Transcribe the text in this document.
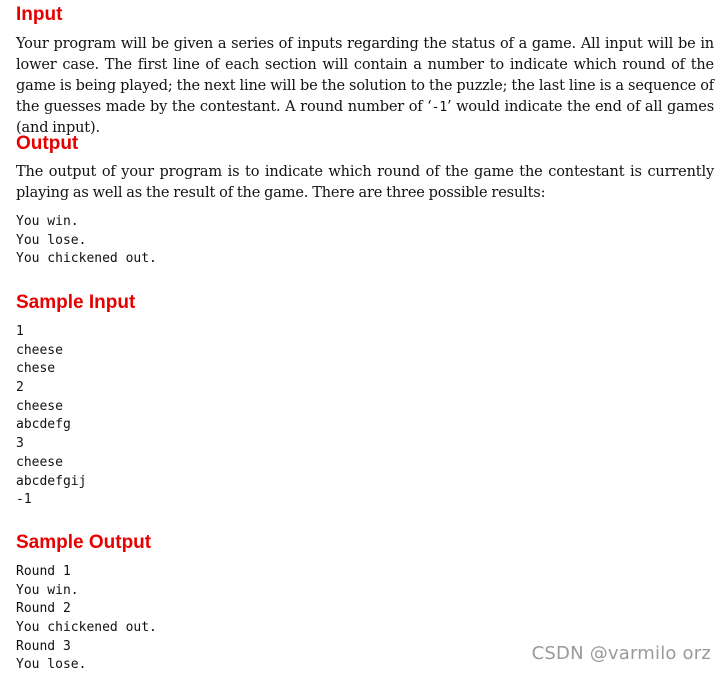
Input

Your program will be given a series of inputs regarding the status of a game. All input will be in lower case. The first line of each section will contain a number to indicate which round of the game is being played; the next line will be the solution to the puzzle; the last line is a sequence of the guesses made by the contestant. A round number of ‘-1’ would indicate the end of all games (and input).

Output

The output of your program is to indicate which round of the game the contestant is currently playing as well as the result of the game. There are three possible results:

You win.
You lose.
You chickened out.
Sample Input
1
cheese
chese
2
cheese
abcdefg
3
cheese
abcdefgij
-1
Sample Output
Round 1
You win.
Round 2
You chickened out.
Round 3
You lose.
CSDN @varmilo orz
